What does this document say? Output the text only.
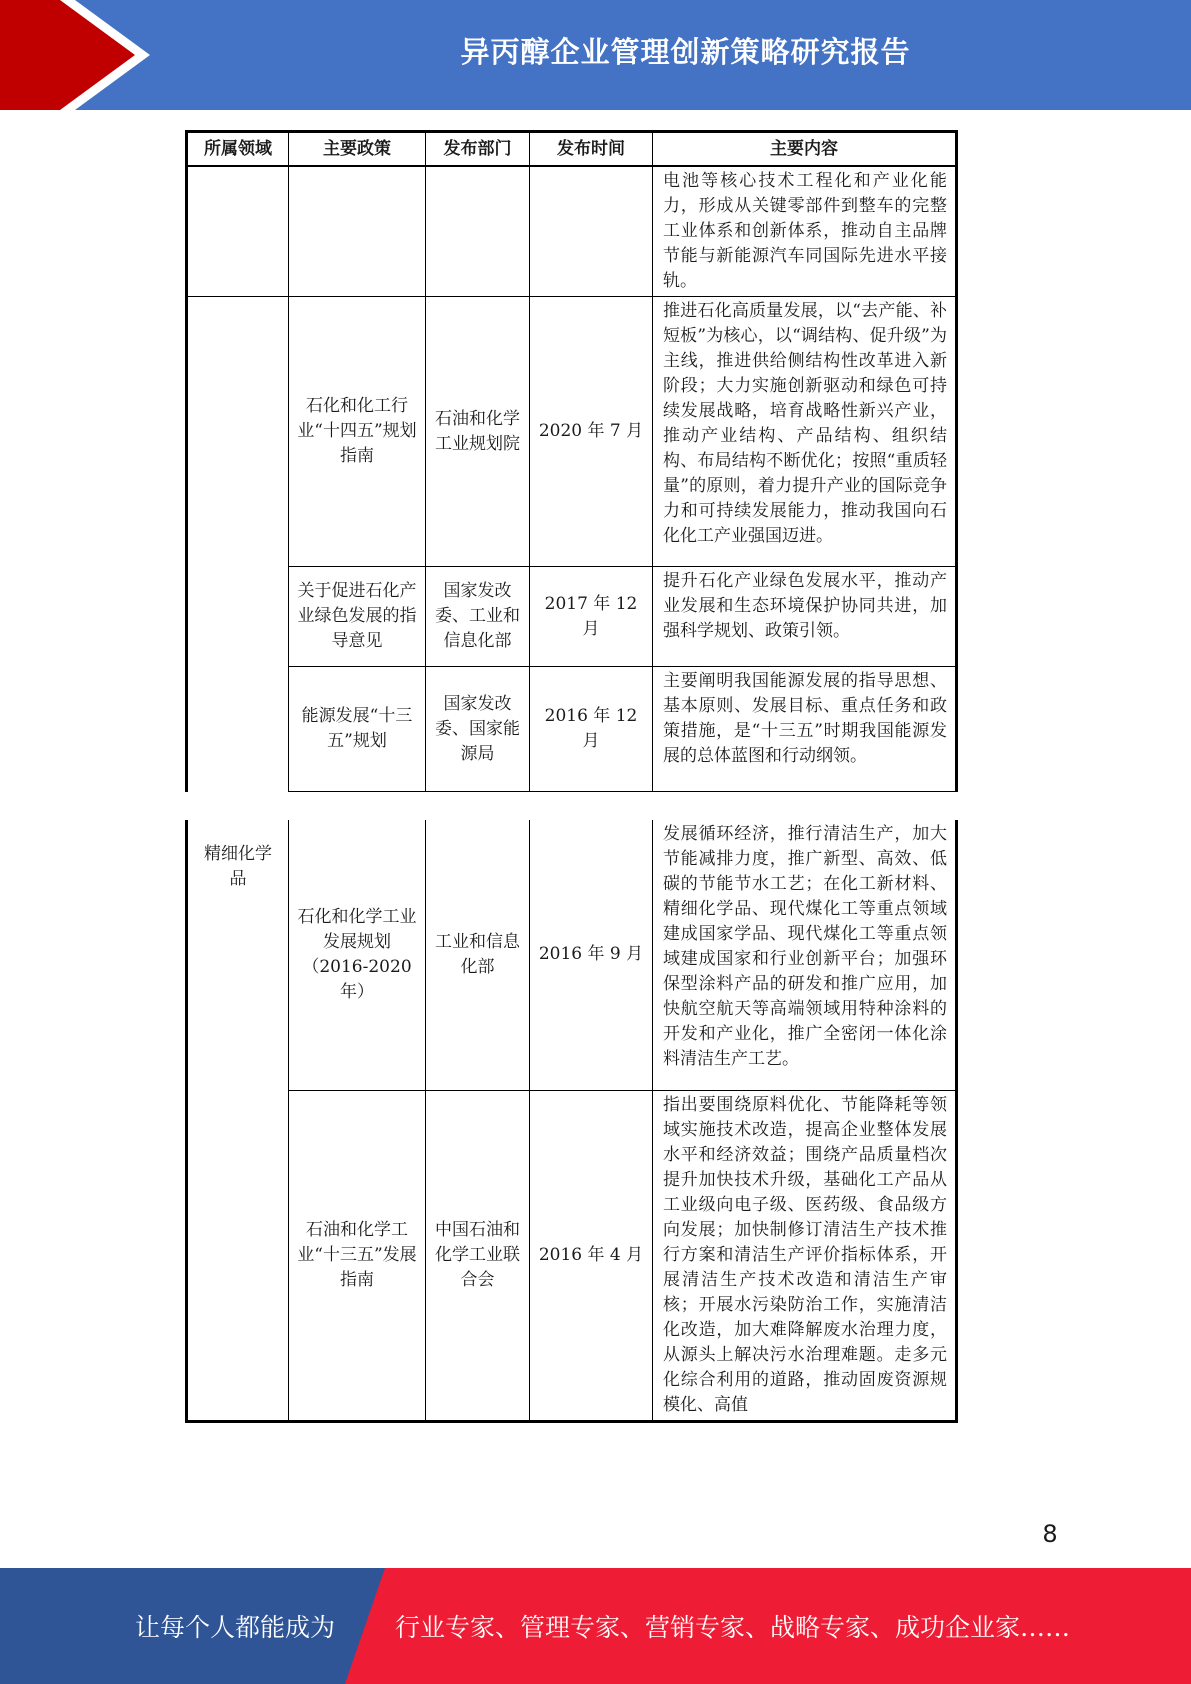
异丙醇企业管理创新策略研究报告
所属领域	主要政策	发布部门	发布时间	主要内容
				电池等核心技术工程化和产业化能力，形成从关键零部件到整车的完整工业体系和创新体系，推动自主品牌节能与新能源汽车同国际先进水平接轨。
	石化和化工行业“十四五”规划指南	石油和化学工业规划院	2020 年 7 月	推进石化高质量发展，以“去产能、补短板”为核心，以“调结构、促升级”为主线，推进供给侧结构性改革进入新阶段；大力实施创新驱动和绿色可持续发展战略，培育战略性新兴产业，推动产业结构、产品结构、组织结构、布局结构不断优化；按照“重质轻量”的原则，着力提升产业的国际竞争力和可持续发展能力，推动我国向石化化工产业强国迈进。
	关于促进石化产业绿色发展的指导意见	国家发改委、工业和信息化部	2017 年 12 月	提升石化产业绿色发展水平，推动产业发展和生态环境保护协同共进，加强科学规划、政策引领。
	能源发展“十三五”规划	国家发改委、国家能源局	2016 年 12 月	主要阐明我国能源发展的指导思想、基本原则、发展目标、重点任务和政策措施，是“十三五”时期我国能源发展的总体蓝图和行动纲领。
精细化学品	石化和化学工业发展规划（2016-2020 年）	工业和信息化部	2016 年 9 月	发展循环经济，推行清洁生产，加大节能减排力度，推广新型、高效、低碳的节能节水工艺；在化工新材料、精细化学品、现代煤化工等重点领域建成国家学品、现代煤化工等重点领域建成国家和行业创新平台；加强环保型涂料产品的研发和推广应用，加快航空航天等高端领域用特种涂料的开发和产业化，推广全密闭一体化涂料清洁生产工艺。
	石油和化学工业“十三五”发展指南	中国石油和化学工业联合会	2016 年 4 月	指出要围绕原料优化、节能降耗等领域实施技术改造，提高企业整体发展水平和经济效益；围绕产品质量档次提升加快技术升级，基础化工产品从工业级向电子级、医药级、食品级方向发展；加快制修订清洁生产技术推行方案和清洁生产评价指标体系，开展清洁生产技术改造和清洁生产审核；开展水污染防治工作，实施清洁化改造，加大难降解废水治理力度，从源头上解决污水治理难题。走多元化综合利用的道路，推动固废资源规模化、高值
8
让每个人都能成为	行业专家、管理专家、营销专家、战略专家、成功企业家……
